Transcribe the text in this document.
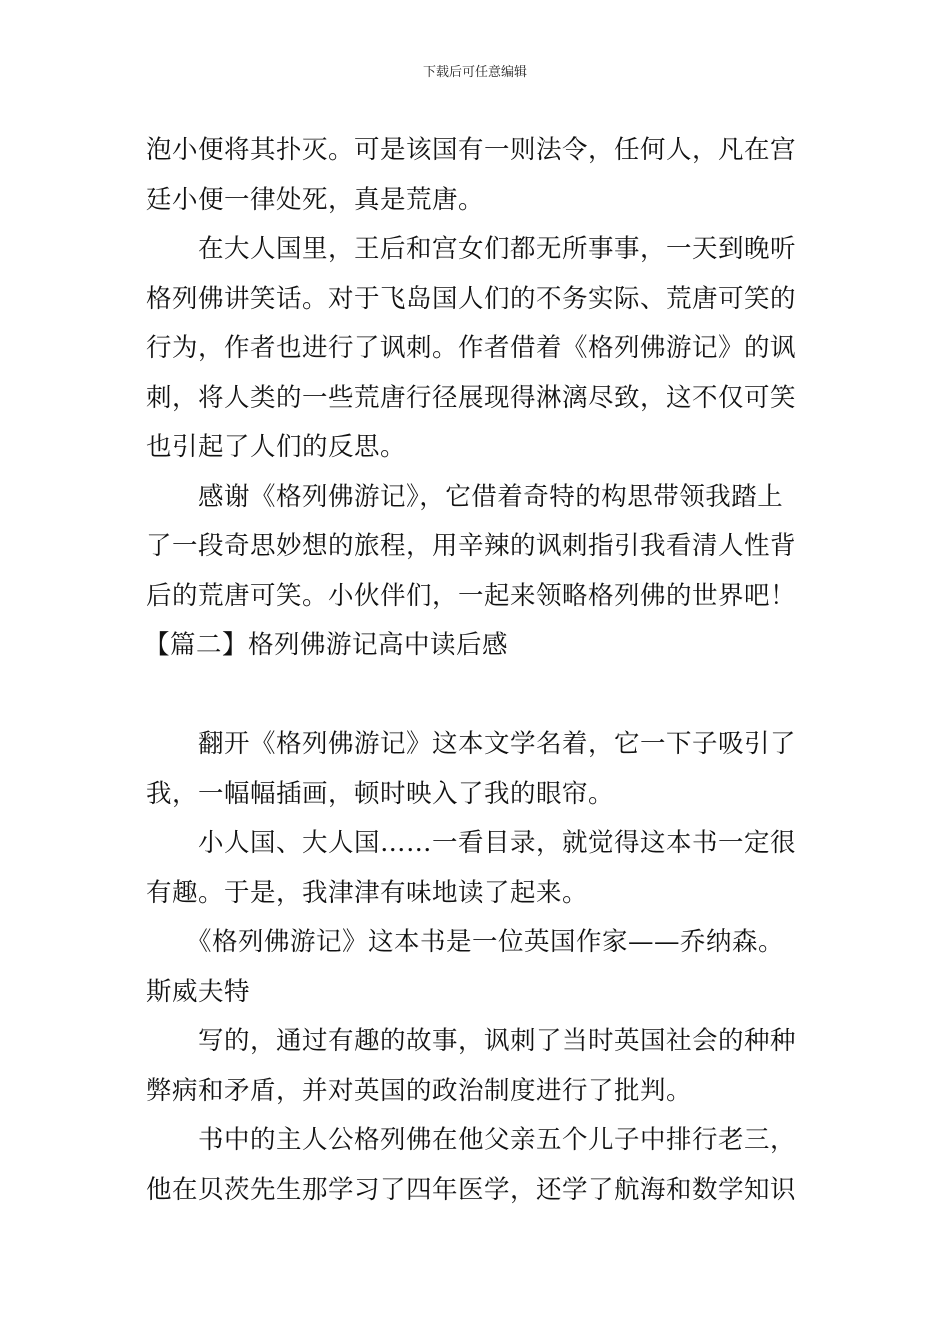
下载后可任意编辑
泡小便将其扑灭。可是该国有一则法令，任何人，凡在宫
廷小便一律处死，真是荒唐。
在大人国里，王后和宫女们都无所事事，一天到晚听
格列佛讲笑话。对于飞岛国人们的不务实际、荒唐可笑的
行为，作者也进行了讽刺。作者借着《格列佛游记》的讽
刺，将人类的一些荒唐行径展现得淋漓尽致，这不仅可笑
也引起了人们的反思。
感谢《格列佛游记》，它借着奇特的构思带领我踏上
了一段奇思妙想的旅程，用辛辣的讽刺指引我看清人性背
后的荒唐可笑。小伙伴们，一起来领略格列佛的世界吧！
【篇二】格列佛游记高中读后感
翻开《格列佛游记》这本文学名着，它一下子吸引了
我，一幅幅插画，顿时映入了我的眼帘。
小人国、大人国……一看目录，就觉得这本书一定很
有趣。于是，我津津有味地读了起来。
《格列佛游记》这本书是一位英国作家——乔纳森。
斯威夫特
写的，通过有趣的故事，讽刺了当时英国社会的种种
弊病和矛盾，并对英国的政治制度进行了批判。
书中的主人公格列佛在他父亲五个儿子中排行老三，
他在贝茨先生那学习了四年医学，还学了航海和数学知识
